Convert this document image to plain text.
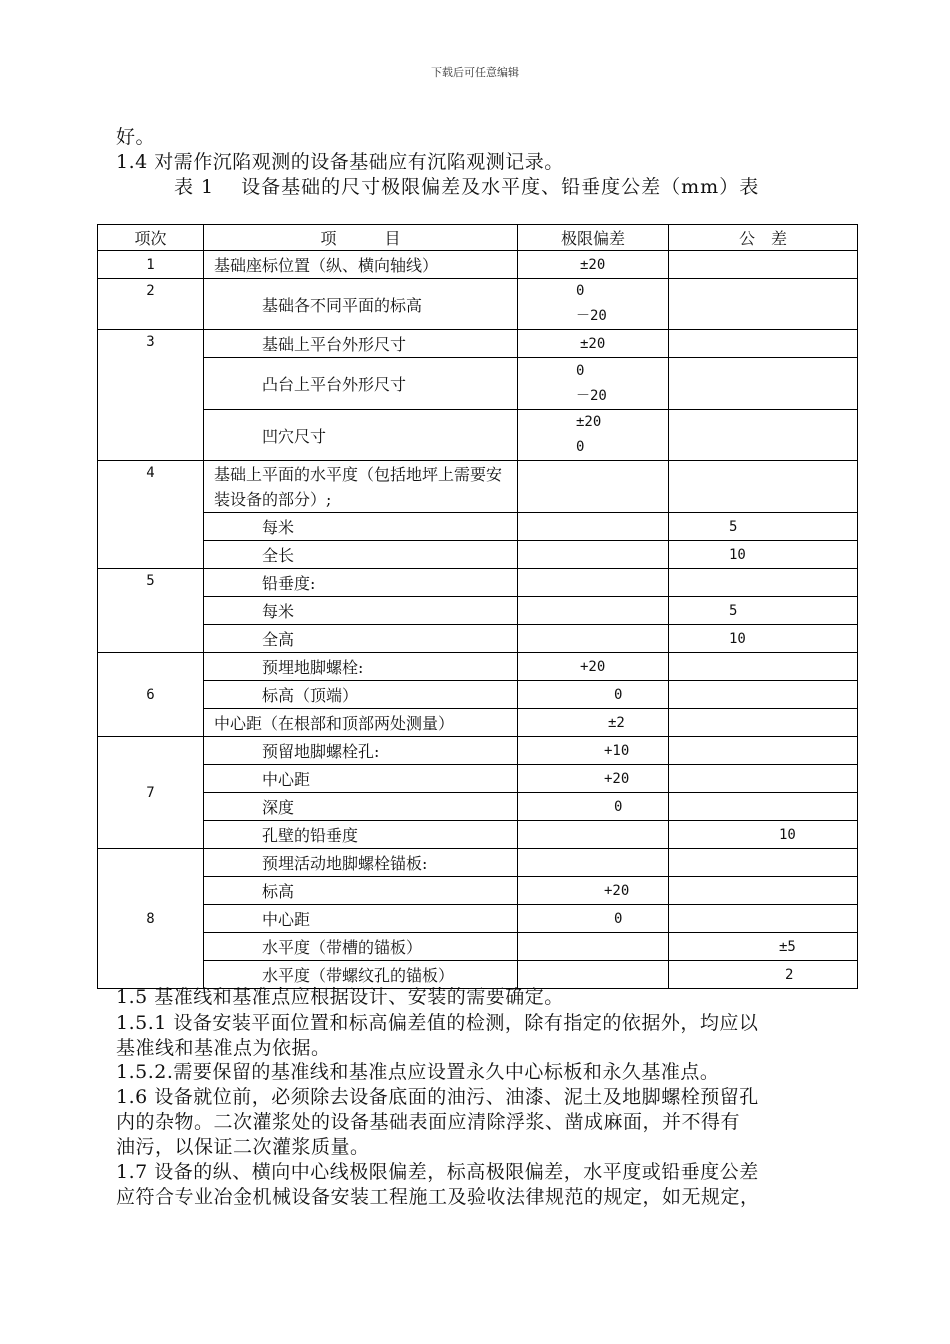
下载后可任意编辑
好。
1.4 对需作沉陷观测的设备基础应有沉陷观测记录。
表 1　 设备基础的尺寸极限偏差及水平度、铅垂度公差（mm）表
项次	项　　　目	极限偏差	公　差
1	基础座标位置（纵、横向轴线）	±20	
2	基础各不同平面的标高	0
－20	

3	基础上平台外形尺寸	±20	
	凸台上平台外形尺寸	0
－20	

	凹穴尺寸	±20
0	

4	基础上平面的水平度（包括地坪上需要安装设备的部分）;		
	每米		5
	全长		10
5	铅垂度:		
	每米		5
	全高		10
6	预埋地脚螺栓:	+20	
	标高（顶端）	0	
	中心距（在根部和顶部两处测量）	±2	
7	预留地脚螺栓孔:	+10	
	中心距	+20	
	深度	0	
	孔壁的铅垂度		10
8	预埋活动地脚螺栓锚板:		
	标高	+20	
	中心距	0	
	水平度（带槽的锚板）		±5
	水平度（带螺纹孔的锚板）		2
1.5 基准线和基准点应根据设计、安装的需要确定。
1.5.1 设备安装平面位置和标高偏差值的检测，除有指定的依据外，均应以
基准线和基准点为依据。
1.5.2.需要保留的基准线和基准点应设置永久中心标板和永久基准点。
1.6 设备就位前，必须除去设备底面的油污、油漆、泥土及地脚螺栓预留孔
内的杂物。二次灌浆处的设备基础表面应清除浮浆、凿成麻面，并不得有
油污，以保证二次灌浆质量。
1.7 设备的纵、横向中心线极限偏差，标高极限偏差，水平度或铅垂度公差
应符合专业冶金机械设备安装工程施工及验收法律规范的规定，如无规定，
